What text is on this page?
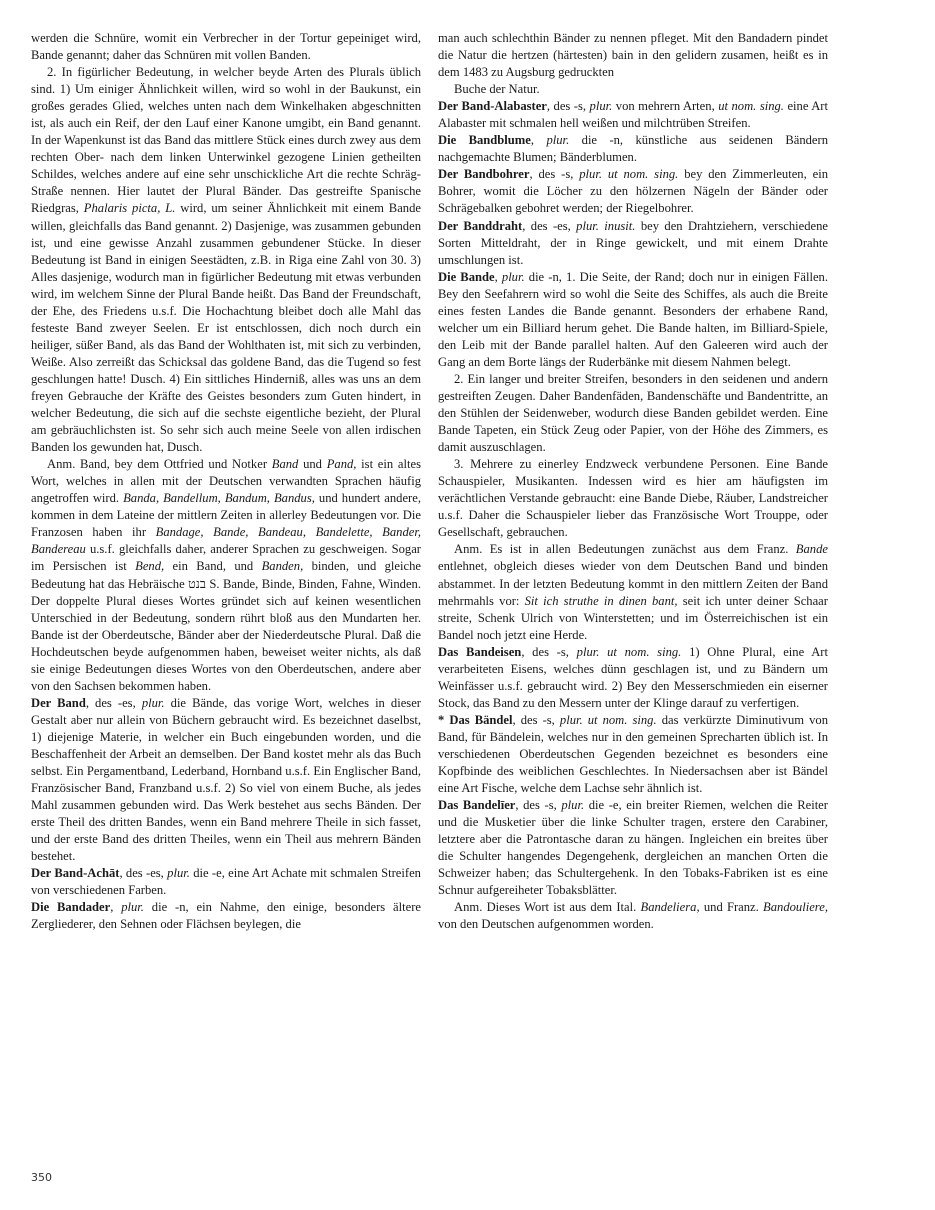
werden die Schnüre, womit ein Verbrecher in der Tortur gepeiniget wird, Bande genannt; daher das Schnüren mit vollen Banden.

2. In figürlicher Bedeutung, in welcher beyde Arten des Plurals üblich sind. 1) Um einiger Ähnlichkeit willen, wird so wohl in der Baukunst, ein großes gerades Glied, welches unten nach dem Winkelhaken abgeschnitten ist, als auch ein Reif, der den Lauf einer Kanone umgibt, ein Band genannt. In der Wapenkunst ist das Band das mittlere Stück eines durch zwey aus dem rechten Ober- nach dem linken Unterwinkel gezogene Linien getheilten Schildes, welches andere auf eine sehr unschickliche Art die rechte Schräg-Straße nennen. Hier lautet der Plural Bänder. Das gestreifte Spanische Riedgras, Phalaris picta, L. wird, um seiner Ähnlichkeit mit einem Bande willen, gleichfalls das Band genannt. 2) Dasjenige, was zusammen gebunden ist, und eine gewisse Anzahl zusammen gebundener Stücke. In dieser Bedeutung ist Band in einigen Seestädten, z.B. in Riga eine Zahl von 30. 3) Alles dasjenige, wodurch man in figürlicher Bedeutung mit etwas verbunden wird, im welchem Sinne der Plural Bande heißt. Das Band der Freundschaft, der Ehe, des Friedens u.s.f. Die Hochachtung bleibet doch alle Mahl das festeste Band zweyer Seelen. Er ist entschlossen, dich noch durch ein heiliger, süßer Band, als das Band der Wohlthaten ist, mit sich zu verbinden, Weiße. Also zerreißt das Schicksal das goldene Band, das die Tugend so fest geschlungen hatte! Dusch. 4) Ein sittliches Hinderniß, alles was uns an dem freyen Gebrauche der Kräfte des Geistes besonders zum Guten hindert, in welcher Bedeutung, die sich auf die sechste eigentliche bezieht, der Plural am gebräuchlichsten ist. So sehr sich auch meine Seele von allen irdischen Banden los gewunden hat, Dusch.

Anm. Band, bey dem Ottfried und Notker Band und Pand, ist ein altes Wort, welches in allen mit der Deutschen verwandten Sprachen häufig angetroffen wird. Banda, Bandellum, Bandum, Bandus, und hundert andere, kommen in dem Lateine der mittlern Zeiten in allerley Bedeutungen vor. Die Franzosen haben ihr Bandage, Bande, Bandeau, Bandelette, Bander, Bandereau u.s.f. gleichfalls daher, anderer Sprachen zu geschweigen. Sogar im Persischen ist Bend, ein Band, und Banden, binden, und gleiche Bedeutung hat das Hebräische בנט S. Bande, Binde, Binden, Fahne, Winden. Der doppelte Plural dieses Wortes gründet sich auf keinen wesentlichen Unterschied in der Bedeutung, sondern rührt bloß aus den Mundarten her. Bande ist der Oberdeutsche, Bänder aber der Niederdeutsche Plural. Daß die Hochdeutschen beyde aufgenommen haben, beweiset weiter nichts, als daß sie einige Bedeutungen dieses Wortes von den Oberdeutschen, andere aber von den Sachsen bekommen haben.

Der Band, des -es, plur. die Bände, das vorige Wort, welches in dieser Gestalt aber nur allein von Büchern gebraucht wird. Es bezeichnet daselbst, 1) diejenige Materie, in welcher ein Buch eingebunden worden, und die Beschaffenheit der Arbeit an demselben. Der Band kostet mehr als das Buch selbst. Ein Pergamentband, Lederband, Hornband u.s.f. Ein Englischer Band, Französischer Band, Franzband u.s.f. 2) So viel von einem Buche, als jedes Mahl zusammen gebunden wird. Das Werk bestehet aus sechs Bänden. Der erste Theil des dritten Bandes, wenn ein Band mehrere Theile in sich fasset, und der erste Band des dritten Theiles, wenn ein Theil aus mehrern Bänden bestehet.

Der Band-Achāt, des -es, plur. die -e, eine Art Achate mit schmalen Streifen von verschiedenen Farben.

Die Bandader, plur. die -n, ein Nahme, den einige, besonders ältere Zergliederer, den Sehnen oder Flächsen beylegen, die

man auch schlechthin Bänder zu nennen pfleget. Mit den Bandadern pindet die Natur die hertzen (härtesten) bain in den gelidern zusamen, heißt es in dem 1483 zu Augsburg gedruckten

Buche der Natur.

Der Band-Alabaster, des -s, plur. von mehrern Arten, ut nom. sing. eine Art Alabaster mit schmalen hell weißen und milchtrüben Streifen.

Die Bandblume, plur. die -n, künstliche aus seidenen Bändern nachgemachte Blumen; Bänderblumen.

Der Bandbohrer, des -s, plur. ut nom. sing. bey den Zimmerleuten, ein Bohrer, womit die Löcher zu den hölzernen Nägeln der Bänder oder Schrägebalken gebohret werden; der Riegelbohrer.

Der Banddraht, des -es, plur. inusit. bey den Drahtziehern, verschiedene Sorten Mitteldraht, der in Ringe gewickelt, und mit einem Drahte umschlungen ist.

Die Bande, plur. die -n, 1. Die Seite, der Rand; doch nur in einigen Fällen. Bey den Seefahrern wird so wohl die Seite des Schiffes, als auch die Breite eines festen Landes die Bande genannt. Besonders der erhabene Rand, welcher um ein Billiard herum gehet. Die Bande halten, im Billiard-Spiele, den Leib mit der Bande parallel halten. Auf den Galeeren wird auch der Gang an dem Borte längs der Ruderbänke mit diesem Nahmen belegt.

2. Ein langer und breiter Streifen, besonders in den seidenen und andern gestreiften Zeugen. Daher Bandenfäden, Bandenschäfte und Bandentritte, an den Stühlen der Seidenweber, wodurch diese Banden gebildet werden. Eine Bande Tapeten, ein Stück Zeug oder Papier, von der Höhe des Zimmers, es damit auszuschlagen.

3. Mehrere zu einerley Endzweck verbundene Personen. Eine Bande Schauspieler, Musikanten. Indessen wird es hier am häufigsten im verächtlichen Verstande gebraucht: eine Bande Diebe, Räuber, Landstreicher u.s.f. Daher die Schauspieler lieber das Französische Wort Trouppe, oder Gesellschaft, gebrauchen.

Anm. Es ist in allen Bedeutungen zunächst aus dem Franz. Bande entlehnet, obgleich dieses wieder von dem Deutschen Band und binden abstammet. In der letzten Bedeutung kommt in den mittlern Zeiten der Band mehrmahls vor: Sit ich struthe in dinen bant, seit ich unter deiner Schaar streite, Schenk Ulrich von Winterstetten; und im Österreichischen ist ein Bandel noch jetzt eine Herde.

Das Bandeisen, des -s, plur. ut nom. sing. 1) Ohne Plural, eine Art verarbeiteten Eisens, welches dünn geschlagen ist, und zu Bändern um Weinfässer u.s.f. gebraucht wird. 2) Bey den Messerschmieden ein eiserner Stock, das Band zu den Messern unter der Klinge darauf zu verfertigen.

* Das Bändel, des -s, plur. ut nom. sing. das verkürzte Diminutivum von Band, für Bändelein, welches nur in den gemeinen Sprecharten üblich ist. In verschiedenen Oberdeutschen Gegenden bezeichnet es besonders eine Kopfbinde des weiblichen Geschlechtes. In Niedersachsen aber ist Bändel eine Art Fische, welche dem Lachse sehr ähnlich ist.

Das Bandelīer, des -s, plur. die -e, ein breiter Riemen, welchen die Reiter und die Musketier über die linke Schulter tragen, erstere den Carabiner, letztere aber die Patrontasche daran zu hängen. Ingleichen ein breites über die Schulter hangendes Degengehenk, dergleichen an manchen Orten die Schweizer haben; das Schultergehenk. In den Tobaks-Fabriken ist es eine Schnur aufgereiheter Tobaksblätter.

Anm. Dieses Wort ist aus dem Ital. Bandeliera, und Franz. Bandouliere, von den Deutschen aufgenommen worden.

350
